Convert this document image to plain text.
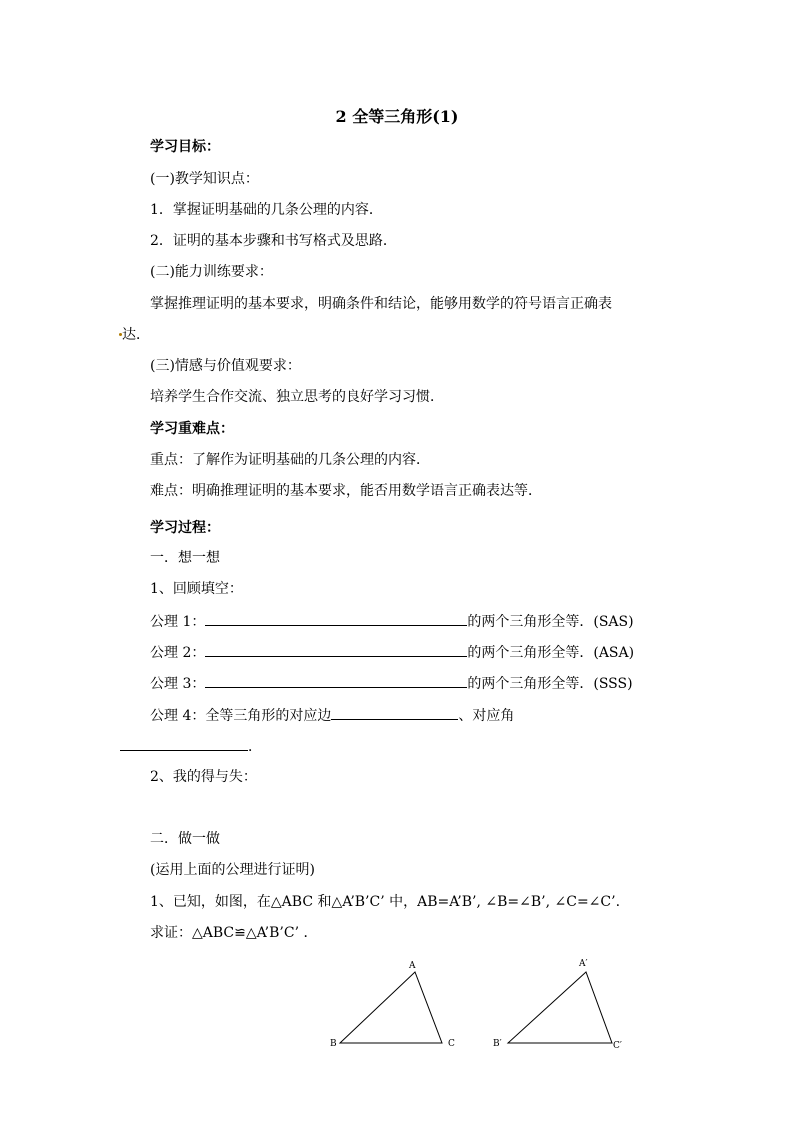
2 全等三角形(1)
学习目标：
(一)教学知识点：
1．掌握证明基础的几条公理的内容．
2．证明的基本步骤和书写格式及思路．
(二)能力训练要求：
掌握推理证明的基本要求，明确条件和结论，能够用数学的符号语言正确表
达．
(三)情感与价值观要求：
培养学生合作交流、独立思考的良好学习习惯．
学习重难点：
重点：了解作为证明基础的几条公理的内容．
难点：明确推理证明的基本要求，能否用数学语言正确表达等．
学习过程：
一．想一想
1、回顾填空：
公理 1：	的两个三角形全等．(SAS)
公理 2：	的两个三角形全等．(ASA)
公理 3：	的两个三角形全等．(SSS)
公理 4：全等三角形的对应边	、对应角
．
2、我的得与失：
二．做一做
(运用上面的公理进行证明)
1、已知，如图，在△ABC 和△A’B’C’ 中，AB=A’B’, ∠B=∠B’, ∠C=∠C’.
求证：△ABC≌△A’B’C’ ．
A
B	C
A′
B′	C′
